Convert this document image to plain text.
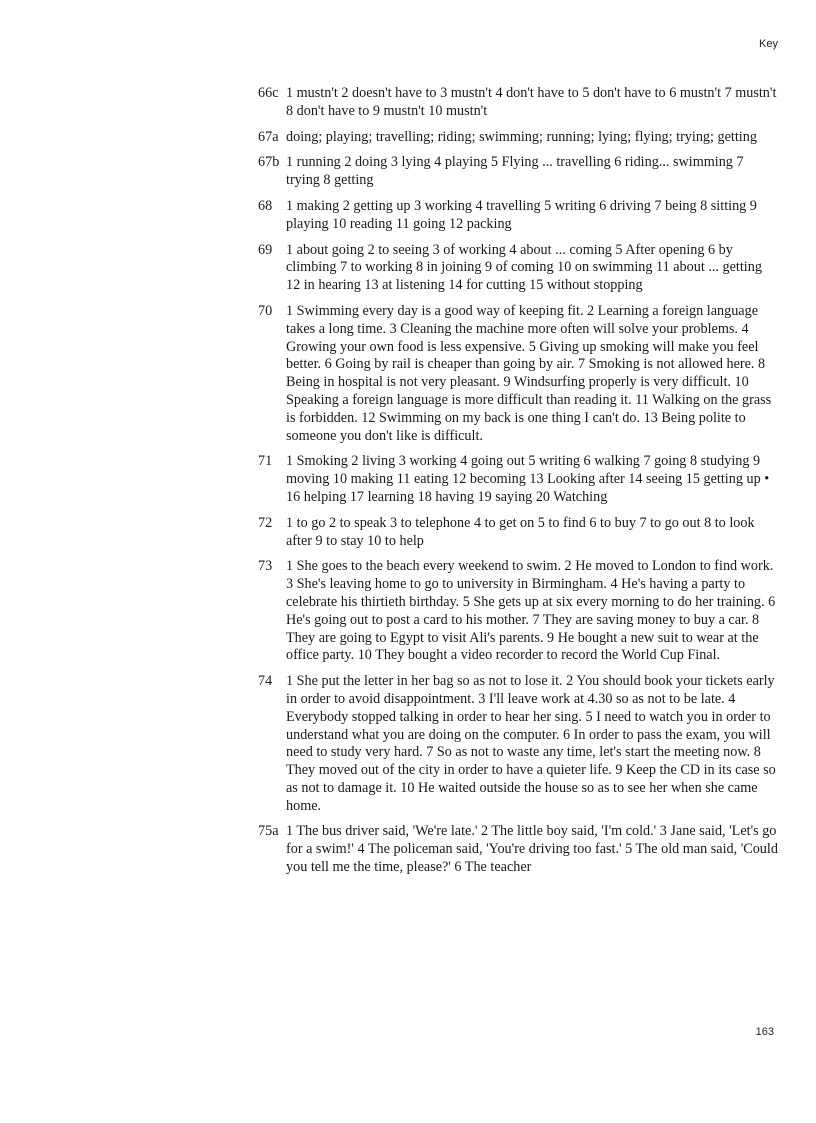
Key
66c 1 mustn't 2 doesn't have to 3 mustn't 4 don't have to 5 don't have to 6 mustn't 7 mustn't 8 don't have to 9 mustn't 10 mustn't
67a doing; playing; travelling; riding; swimming; running; lying; flying; trying; getting
67b 1 running 2 doing 3 lying 4 playing 5 Flying ... travelling 6 riding... swimming 7 trying 8 getting
68 1 making 2 getting up 3 working 4 travelling 5 writing 6 driving 7 being 8 sitting 9 playing 10 reading 11 going 12 packing
69 1 about going 2 to seeing 3 of working 4 about ... coming 5 After opening 6 by climbing 7 to working 8 in joining 9 of coming 10 on swimming 11 about ... getting 12 in hearing 13 at listening 14 for cutting 15 without stopping
70 1 Swimming every day is a good way of keeping fit. 2 Learning a foreign language takes a long time. 3 Cleaning the machine more often will solve your problems. 4 Growing your own food is less expensive. 5 Giving up smoking will make you feel better. 6 Going by rail is cheaper than going by air. 7 Smoking is not allowed here. 8 Being in hospital is not very pleasant. 9 Windsurfing properly is very difficult. 10 Speaking a foreign language is more difficult than reading it. 11 Walking on the grass is forbidden. 12 Swimming on my back is one thing I can't do. 13 Being polite to someone you don't like is difficult.
71 1 Smoking 2 living 3 working 4 going out 5 writing 6 walking 7 going 8 studying 9 moving 10 making 11 eating 12 becoming 13 Looking after 14 seeing 15 getting up • 16 helping 17 learning 18 having 19 saying 20 Watching
72 1 to go 2 to speak 3 to telephone 4 to get on 5 to find 6 to buy 7 to go out 8 to look after 9 to stay 10 to help
73 1 She goes to the beach every weekend to swim. 2 He moved to London to find work. 3 She's leaving home to go to university in Birmingham. 4 He's having a party to celebrate his thirtieth birthday. 5 She gets up at six every morning to do her training. 6 He's going out to post a card to his mother. 7 They are saving money to buy a car. 8 They are going to Egypt to visit Ali's parents. 9 He bought a new suit to wear at the office party. 10 They bought a video recorder to record the World Cup Final.
74 1 She put the letter in her bag so as not to lose it. 2 You should book your tickets early in order to avoid disappointment. 3 I'll leave work at 4.30 so as not to be late. 4 Everybody stopped talking in order to hear her sing. 5 I need to watch you in order to understand what you are doing on the computer. 6 In order to pass the exam, you will need to study very hard. 7 So as not to waste any time, let's start the meeting now. 8 They moved out of the city in order to have a quieter life. 9 Keep the CD in its case so as not to damage it. 10 He waited outside the house so as to see her when she came home.
75a 1 The bus driver said, 'We're late.' 2 The little boy said, 'I'm cold.' 3 Jane said, 'Let's go for a swim!' 4 The policeman said, 'You're driving too fast.' 5 The old man said, 'Could you tell me the time, please?' 6 The teacher
163
